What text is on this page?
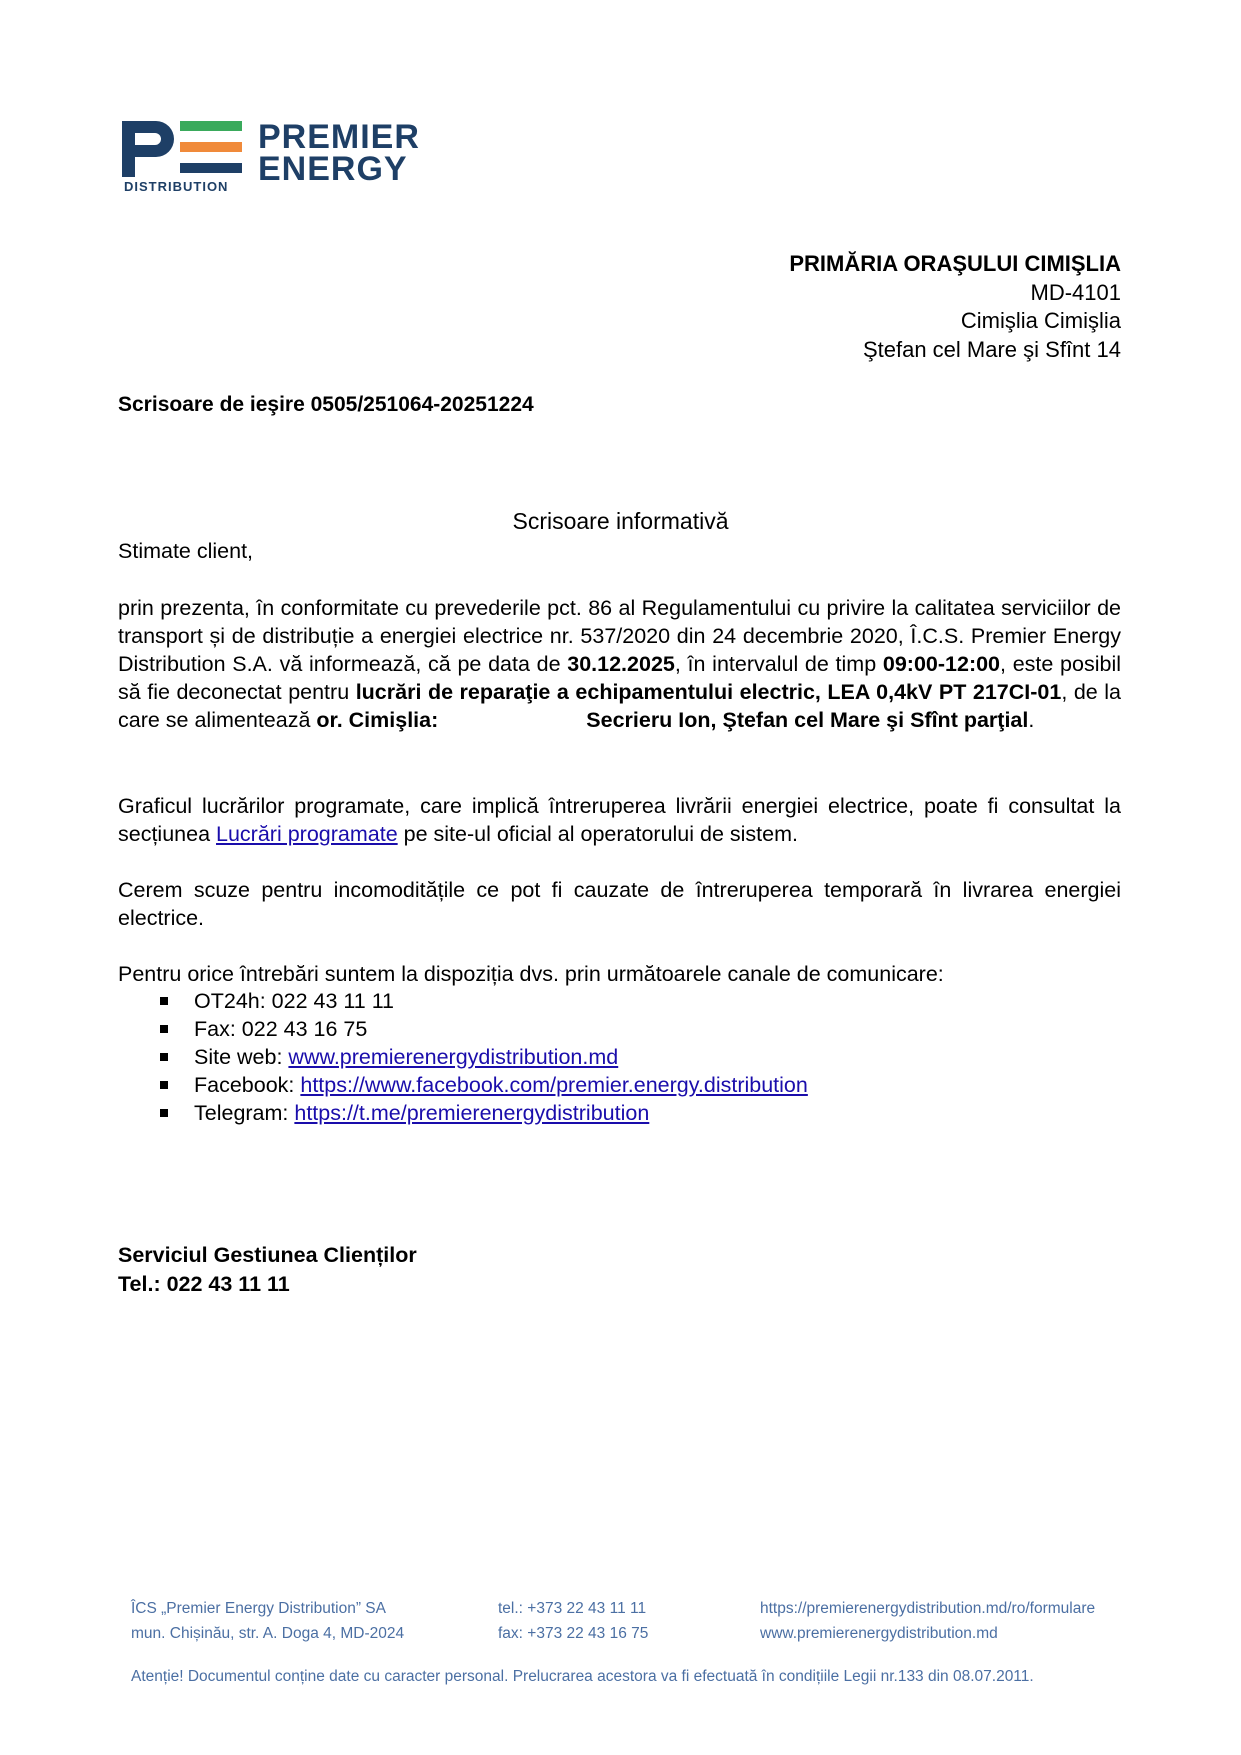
PREMIER
ENERGY
DISTRIBUTION
PRIMĂRIA ORAŞULUI CIMIŞLIA
MD-4101
Cimişlia Cimişlia
Ştefan cel Mare şi Sfînt 14
Scrisoare de ieşire 0505/251064-20251224
Scrisoare informativă
Stimate client,
prin prezenta, în conformitate cu prevederile pct. 86 al Regulamentului cu privire la calitatea serviciilor de transport și de distribuție a energiei electrice nr. 537/2020 din 24 decembrie 2020, Î.C.S. Premier Energy Distribution S.A. vă informează, că pe data de 30.12.2025, în intervalul de timp 09:00-12:00, este posibil să fie deconectat pentru lucrări de reparaţie a echipamentului electric, LEA 0,4kV PT 217CI-01, de la care se alimentează or. Cimişlia:	Secrieru Ion, Ştefan cel Mare şi Sfînt parţial.
Graficul lucrărilor programate, care implică întreruperea livrării energiei electrice, poate fi consultat la secțiunea Lucrări programate pe site-ul oficial al operatorului de sistem.
Cerem scuze pentru incomoditățile ce pot fi cauzate de întreruperea temporară în livrarea energiei electrice.
Pentru orice întrebări suntem la dispoziția dvs. prin următoarele canale de comunicare:
OT24h: 022 43 11 11
Fax: 022 43 16 75
Site web: www.premierenergydistribution.md
Facebook: https://www.facebook.com/premier.energy.distribution
Telegram: https://t.me/premierenergydistribution
Serviciul Gestiunea Clienților
Tel.: 022 43 11 11
ÎCS „Premier Energy Distribution” SA
mun. Chișinău, str. A. Doga 4, MD-2024
tel.: +373 22 43 11 11
fax: +373 22 43 16 75
https://premierenergydistribution.md/ro/formulare
www.premierenergydistribution.md
Atenție! Documentul conține date cu caracter personal. Prelucrarea acestora va fi efectuată în condițiile Legii nr.133 din 08.07.2011.
